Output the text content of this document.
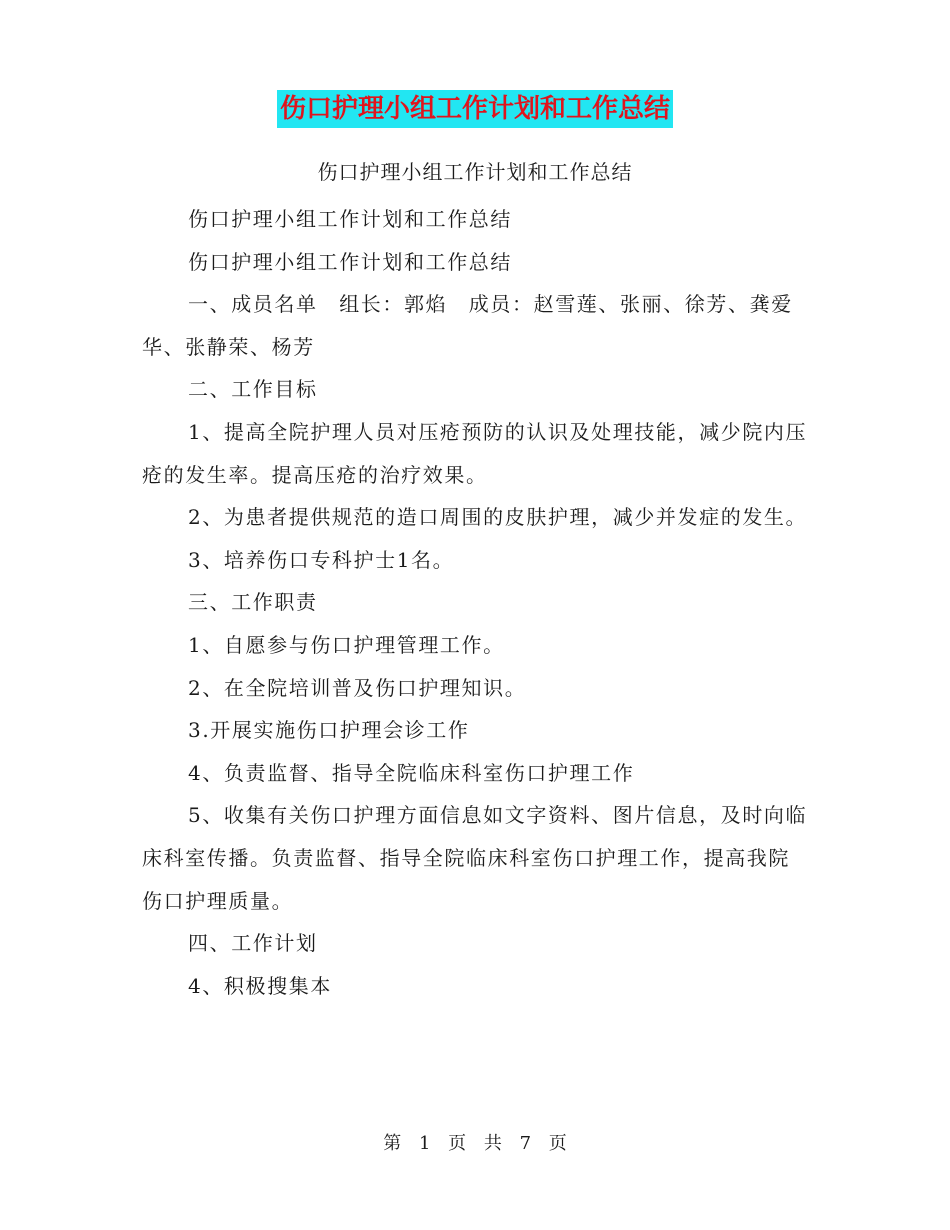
伤口护理小组工作计划和工作总结
伤口护理小组工作计划和工作总结

伤口护理小组工作计划和工作总结

伤口护理小组工作计划和工作总结

一、成员名单　组长：郭焰　成员：赵雪莲、张丽、徐芳、龚爱华、张静荣、杨芳

二、工作目标

1、提高全院护理人员对压疮预防的认识及处理技能，减少院内压疮的发生率。提高压疮的治疗效果。

2、为患者提供规范的造口周围的皮肤护理，减少并发症的发生。

3、培养伤口专科护士1名。

三、工作职责

1、自愿参与伤口护理管理工作。

2、在全院培训普及伤口护理知识。

3.开展实施伤口护理会诊工作

4、负责监督、指导全院临床科室伤口护理工作

5、收集有关伤口护理方面信息如文字资料、图片信息，及时向临床科室传播。负责监督、指导全院临床科室伤口护理工作，提高我院伤口护理质量。

四、工作计划

4、积极搜集本

第 1 页 共 7 页
